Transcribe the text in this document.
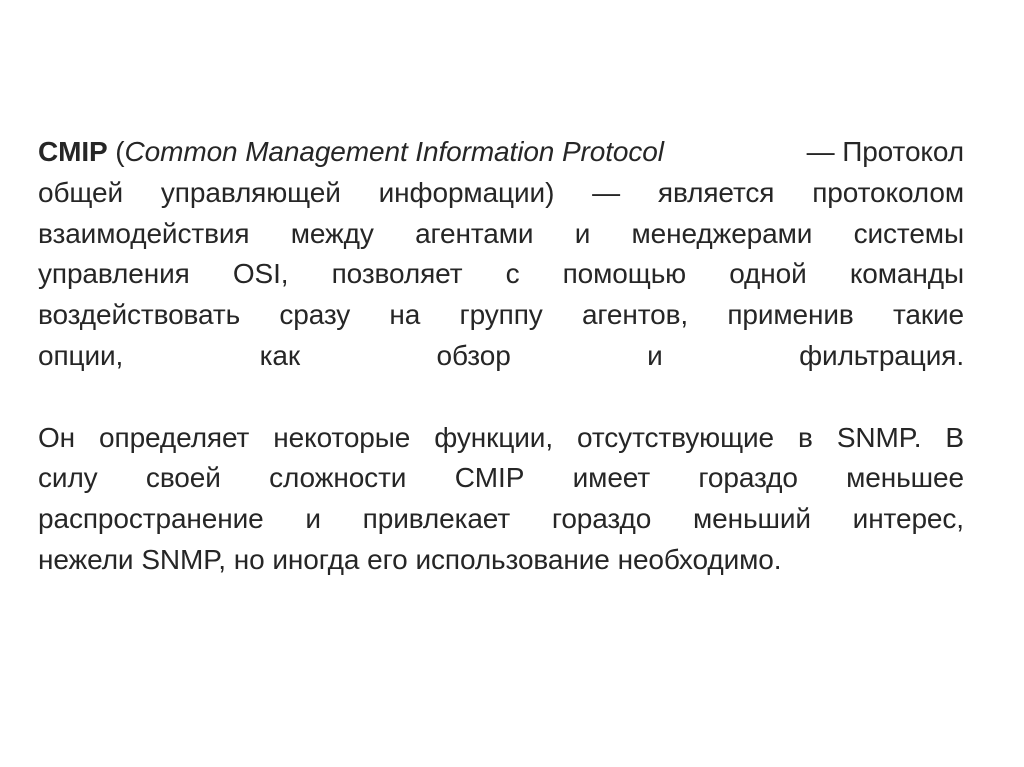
CMIP (Common Management Information Protocol	— Протокол
общей управляющей информации) — является протоколом
взаимодействия между агентами и менеджерами системы
управления OSI, позволяет с помощью одной команды
воздействовать сразу на группу агентов, применив такие
опции,	как	обзор	и	фильтрация.
Он определяет некоторые функции, отсутствующие в SNMP. В
силу своей сложности CMIP имеет гораздо меньшее
распространение и привлекает гораздо меньший интерес,
нежели SNMP, но иногда его использование необходимо.
